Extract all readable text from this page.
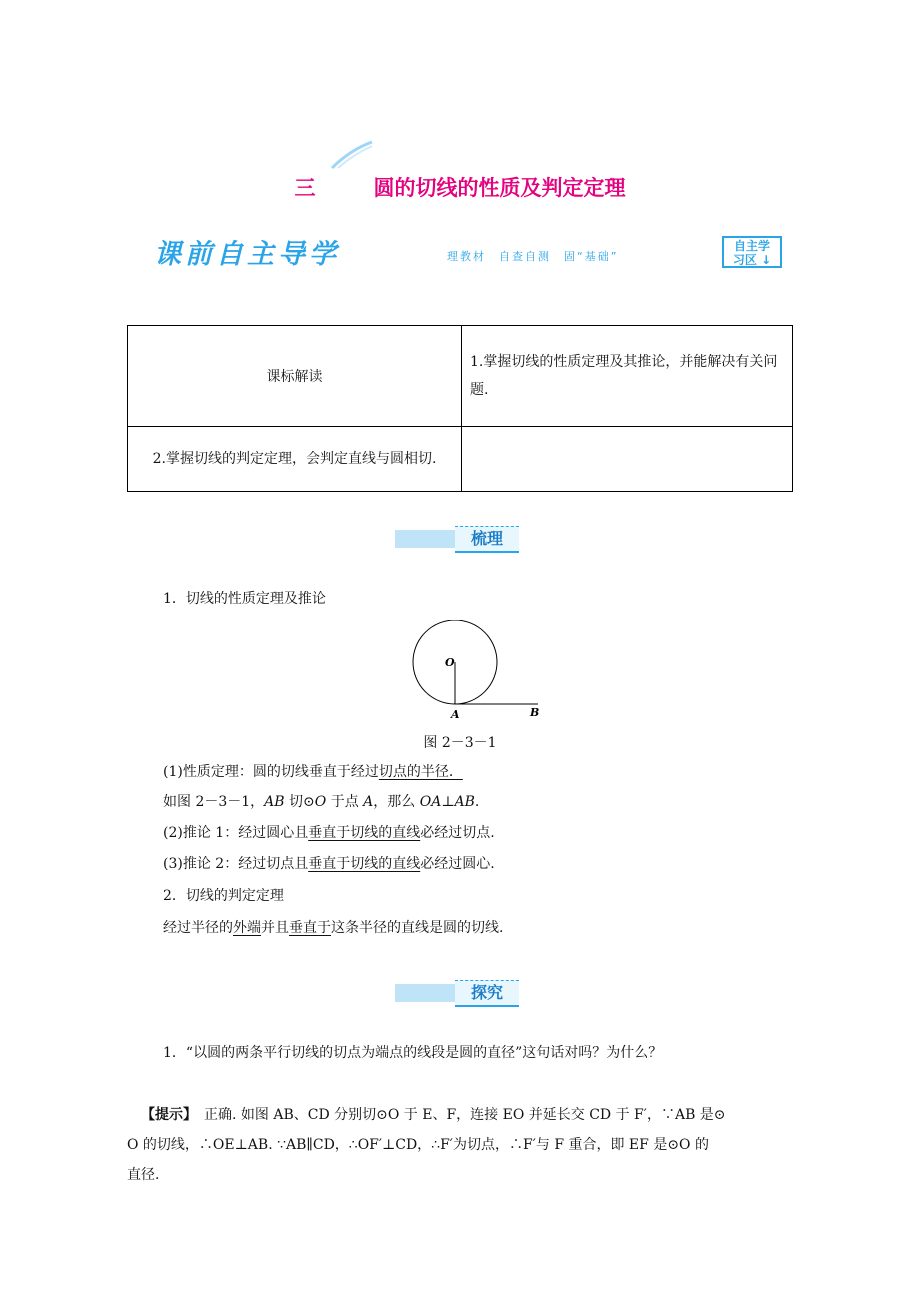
三	圆的切线的性质及判定定理
课前自主导学	理教材　自查自测　固“基础”
自主学
习区 ↓
课标解读	1.掌握切线的性质定理及其推论，并能解决有关问题.
2.掌握切线的判定定理，会判定直线与圆相切.	
梳理
1．切线的性质定理及推论
O
A	B
图 2－3－1
(1)性质定理：圆的切线垂直于经过切点的半径．
如图 2－3－1，AB 切⊙O 于点 A，那么 OA⊥AB.
(2)推论 1：经过圆心且垂直于切线的直线必经过切点.
(3)推论 2：经过切点且垂直于切线的直线必经过圆心.
2．切线的判定定理
经过半径的外端并且垂直于这条半径的直线是圆的切线.
探究
1．“以圆的两条平行切线的切点为端点的线段是圆的直径”这句话对吗？为什么？
【提示】　正确. 如图 AB、CD 分别切⊙O 于 E、F，连接 EO 并延长交 CD 于 F′，∵AB 是⊙
O 的切线，∴OE⊥AB. ∵AB∥CD，∴OF′⊥CD，∴F′为切点，∴F′与 F 重合，即 EF 是⊙O 的
直径.
